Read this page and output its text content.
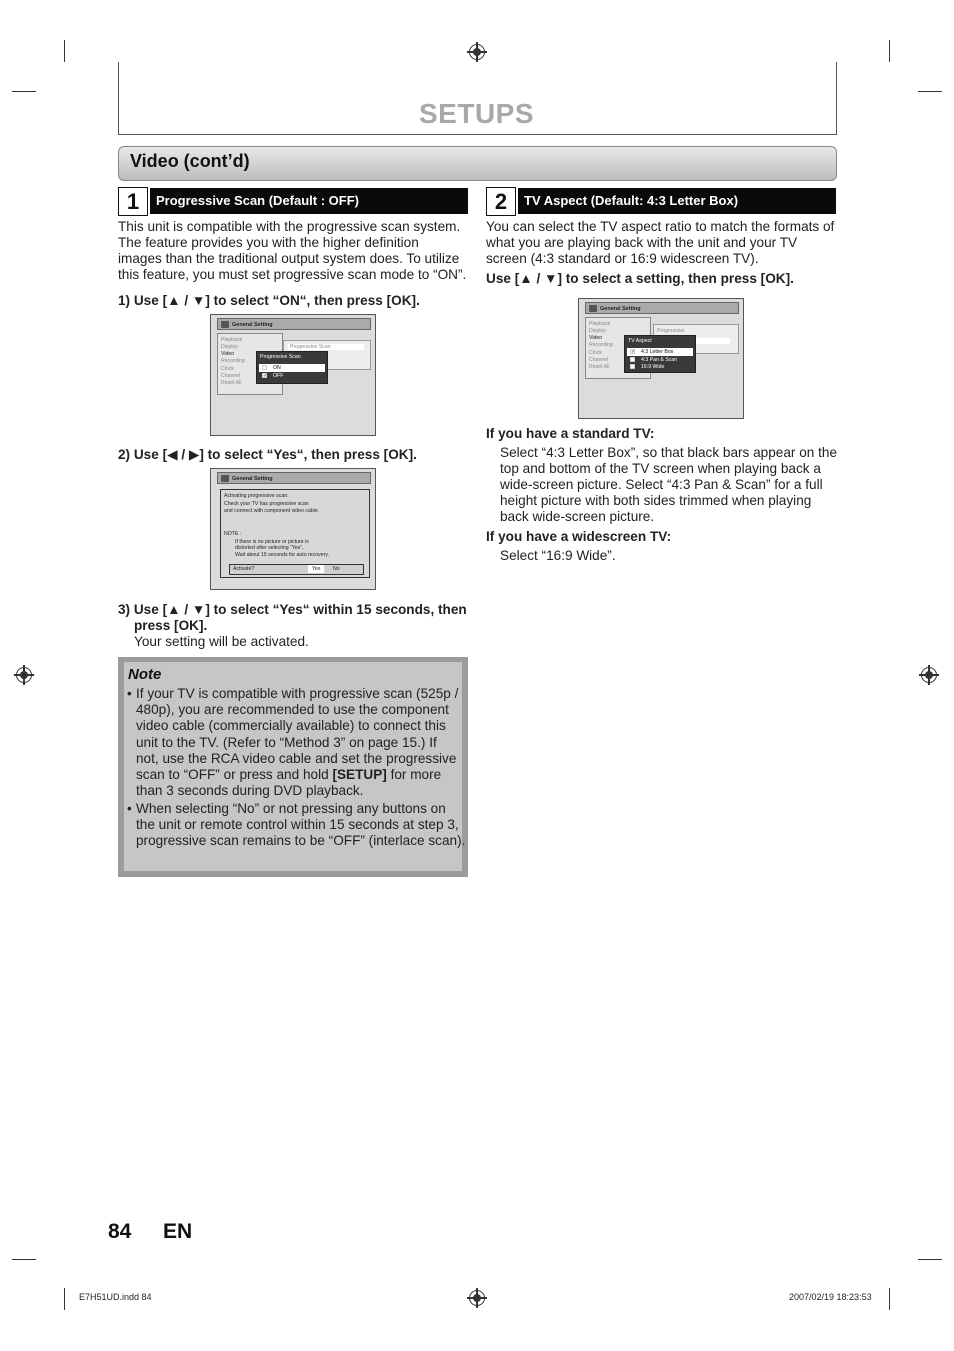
SETUPS
Video (cont’d)
1	Progressive Scan (Default : OFF)
This unit is compatible with the progressive scan system.
The feature provides you with the higher definition
images than the traditional output system does. To utilize
this feature, you must set progressive scan mode to “ON”.
1) Use [▲ / ▼] to select “ON“, then press [OK].
General Setting
Playback
Display
Video
Recording
Clock
Channel
Reset All
Progressive Scan
Progressive Scan
ON
✓
OFF
2) Use [◀ / ▶] to select “Yes“, then press [OK].
General Setting
Activating progressive scan:
Check your TV has progressive scan
and connect with component video cable.
NOTE :
If there is no picture or picture is
distorted after selecting “Yes”,
Wait about 15 seconds for auto recovery.
Activate?	Yes	No
3) Use [▲ / ▼] to select “Yes“ within 15 seconds, then
press [OK].
Your setting will be activated.
Note
• If your TV is compatible with progressive scan (525p /
480p), you are recommended to use the component
video cable (commercially available) to connect this
unit to the TV. (Refer to “Method 3” on page 15.) If
not, use the RCA video cable and set the progressive
scan to “OFF” or press and hold [SETUP] for more
than 3 seconds during DVD playback.
• When selecting “No” or not pressing any buttons on
the unit or remote control within 15 seconds at step 3,
progressive scan remains to be “OFF” (interlace scan).
2	TV Aspect (Default: 4:3 Letter Box)
You can select the TV aspect ratio to match the formats of
what you are playing back with the unit and your TV
screen (4:3 standard or 16:9 widescreen TV).
Use [▲ / ▼] to select a setting, then press [OK].
General Setting
Playback
Display
Video
Recording
Clock
Channel
Reset All
Progressive
TV Aspect
✓
4:3 Letter Box
4:3 Pan & Scan
16:9 Wide
If you have a standard TV:
Select “4:3 Letter Box”, so that black bars appear on the
top and bottom of the TV screen when playing back a
wide-screen picture. Select “4:3 Pan & Scan” for a full
height picture with both sides trimmed when playing
back wide-screen picture.
If you have a widescreen TV:
Select “16:9 Wide”.
84 EN
E7H51UD.indd 84	2007/02/19 18:23:53
